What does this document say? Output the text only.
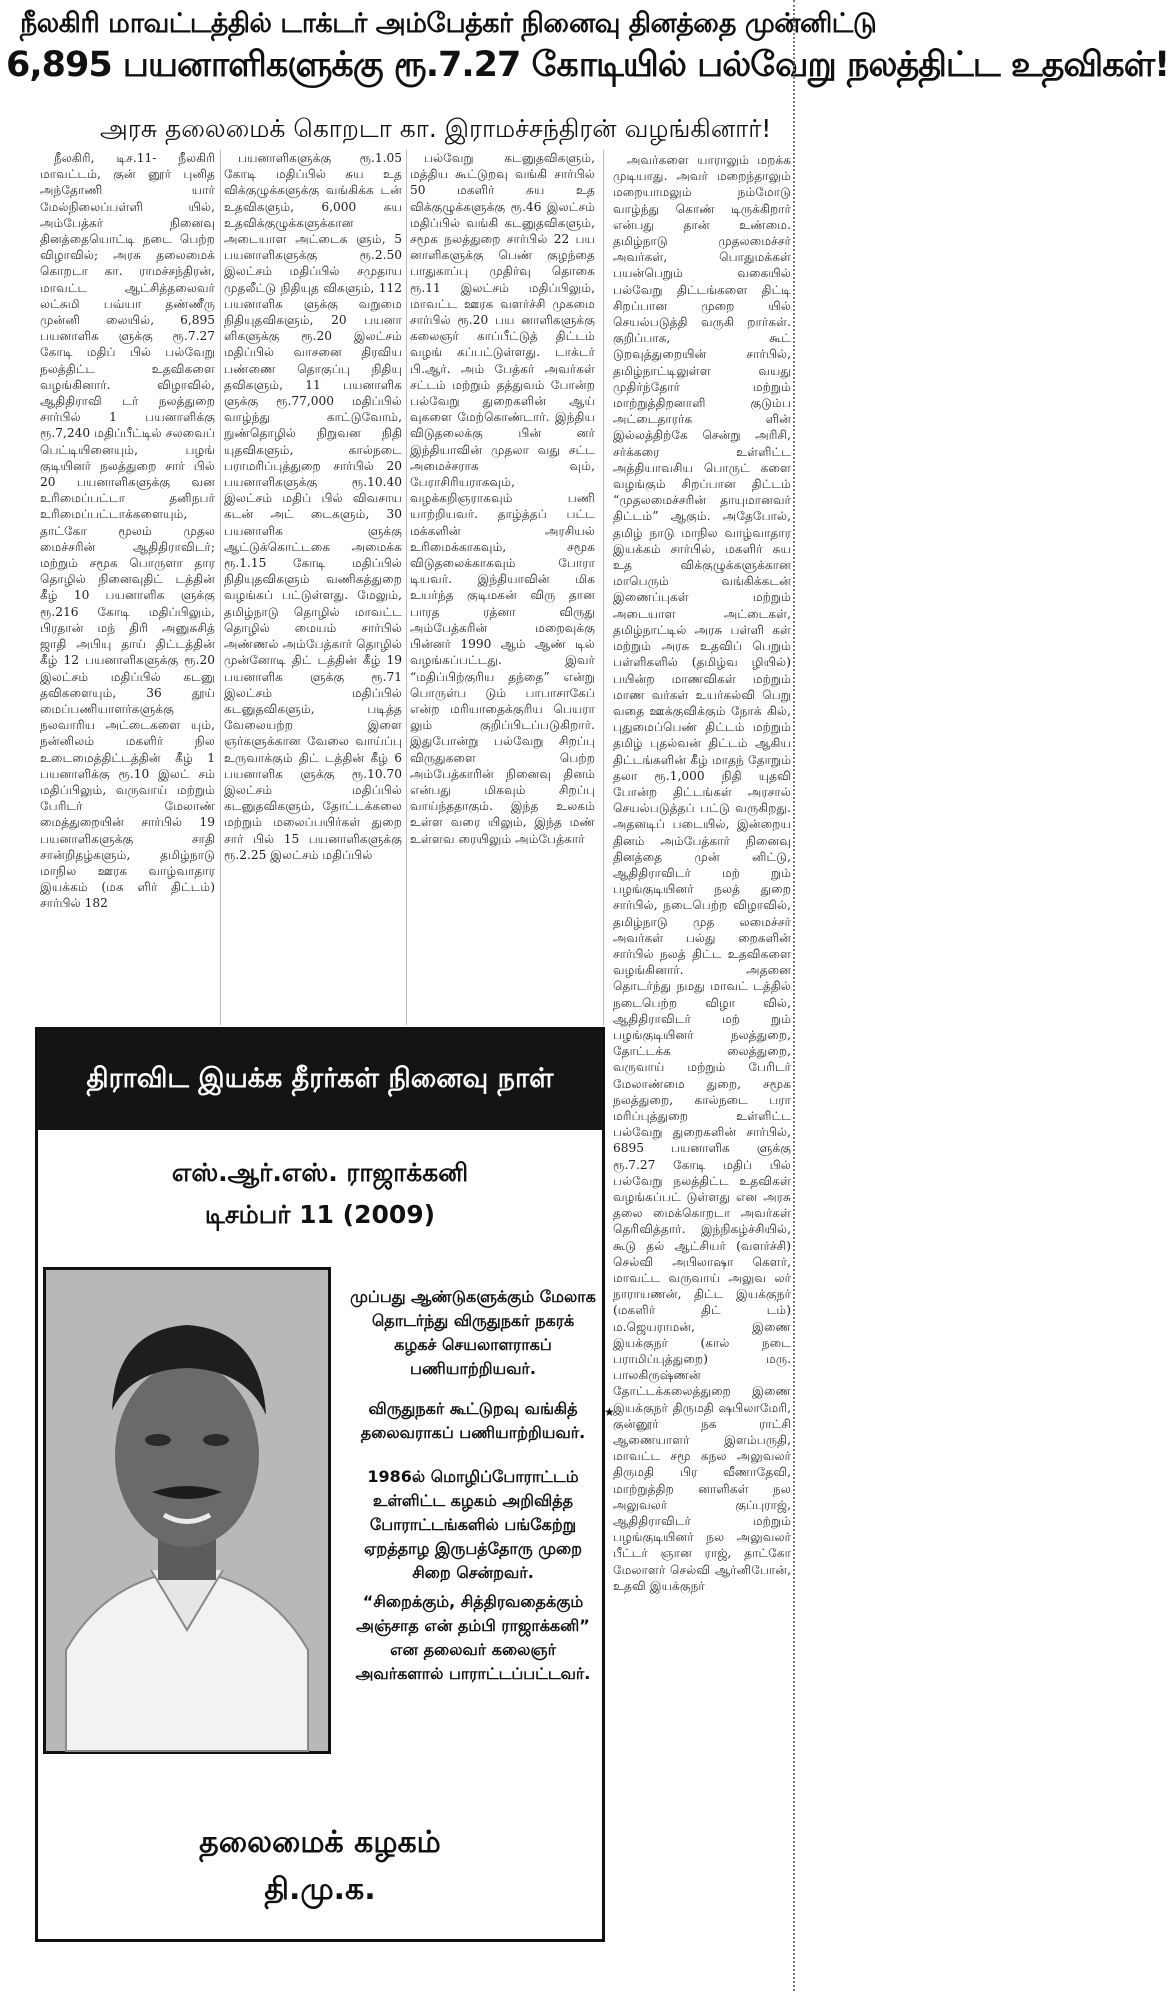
நீலகிரி மாவட்டத்தில் டாக்டர் அம்பேத்கர் நினைவு தினத்தை முன்னிட்டு
6,895 பயனாளிகளுக்கு ரூ.7.27 கோடியில் பல்வேறு நலத்திட்ட உதவிகள்!
அரசு தலைமைக் கொறடா கா. இராமச்சந்திரன் வழங்கினார்!

நீலகிரி, டிச.11- நீலகிரி மாவட்டம், குன் னூர் புனித அந்தோணி யார் மேல்நிலைப்பள்ளி யில், அம்பேத்கர் நினைவு தினத்தையொட்டி நடை பெற்ற விழாவில்; அரசு தலைமைக் கொறடா கா. ராமச்சந்திரன், மாவட்ட ஆட்சித்தலைவர் லட்சுமி பவ்யா தண்ணீரு முன்னி லையில், 6,895 பயனாளிக ளுக்கு ரூ.7.27 கோடி மதிப் பில் பல்வேறு நலத்திட்ட உதவிகளை வழங்கினார். விழாவில், ஆதிதிராவி டர் நலத்துறை சார்பில் 1 பயனாளிக்கு ரூ.7,240 மதிப்பீட்டில் சலவைப் பெட்டியினையும், பழங் குடியினர் நலத்துறை சார் பில் 20 பயனாளிகளுக்கு வன உரிமைப்பட்டா தனிநபர் உரிமைப்பட்டாக்களையும், தாட்கோ மூலம் முதல மைச்சரின் ஆதிதிராவிடர்; மற்றும் சமூக பொருளா தார தொழில் நினைவுதிட் டத்தின் கீழ் 10 பயனாளிக ளுக்கு ரூ.216 கோடி மதிப்பிலும், பிரதான் மந் திரி அனுசுசித் ஜாதி அபியு தாய் திட்டத்தின் கீழ் 12 பயனாளிகளுக்கு ரூ.20 இலட்சம் மதிப்பில் கடனு தவிகளையும், 36 தூய் மைப்பணியாளர்களுக்கு நலவாரிய அட்டைகளை யும், நன்னிலம் மகளிர் நில உடைமைத்திட்டத்தின் கீழ் 1 பயனாளிக்கு ரூ.10 இலட் சம் மதிப்பிலும், வருவாய் மற்றும் பேரிடர் மேலாண் மைத்துறையின் சார்பில் 19 பயனாளிகளுக்கு சாதி சான்றிதழ்களும், தமிழ்நாடு மாநில ஊரக வாழ்வாதார இயக்கம் (மக ளிர் திட்டம்) சார்பில் 182

பயனாளிகளுக்கு ரூ.1.05 கோடி மதிப்பில் சுய உத விக்குழுக்களுக்கு வங்கிக்க டன் உதவிகளும், 6,000 சுய உதவிக்குழுக்களுக்கான அடையாள அட்டைக ளும், 5 பயனாளிகளுக்கு ரூ.2.50 இலட்சம் மதிப்பில் சமுதாய முதலீட்டு நிதியுத விகளும், 112 பயனாளிக ளுக்கு வறுமை நிதியுதவிகளும், 20 பயனா ளிகளுக்கு ரூ.20 இலட்சம் மதிப்பில் வாசனை திரவிய பண்ணை தொகுப்பு நிதியு தவிகளும், 11 பயனாளிக ளுக்கு ரூ.77,000 மதிப்பில் வாழ்ந்து காட்டுவோம், நுண்தொழில் நிறுவன நிதி யுதவிகளும், கால்நடை பராமரிப்புத்துறை சார்பில் 20 பயனாளிகளுக்கு ரூ.10.40 இலட்சம் மதிப் பில் விவசாய கடன் அட் டைகளும், 30 பயனாளிக ளுக்கு ஆட்டுக்கொட்டகை அமைக்க ரூ.1.15 கோடி மதிப்பில் நிதியுதவிகளும் வணிகத்துறை வழங்கப் பட்டுள்ளது. மேலும், தமிழ்நாடு தொழில் மாவட்ட தொழில் மையம் சார்பில் அண்ணல் அம்பேத்கார் தொழில் முன்னோடி திட் டத்தின் கீழ் 19 பயனாளிக ளுக்கு ரூ.71 இலட்சம் மதிப்பில் கடனுதவிகளும், படித்த வேலையற்ற இளை ஞர்களுக்கான வேலை வாய்ப்பு உருவாக்கும் திட் டத்தின் கீழ் 6 பயனாளிக ளுக்கு ரூ.10.70 இலட்சம் மதிப்பில் கடனுதவிகளும், தோட்டக்கலை மற்றும் மலைப்பயிர்கள் துறை சார் பில் 15 பயனாளிகளுக்கு ரூ.2.25 இலட்சம் மதிப்பில்

பல்வேறு கடனுதவிகளும், மத்திய கூட்டுறவு வங்கி சார்பில் 50 மகளிர் சுய உத விக்குழுக்களுக்கு ரூ.46 இலட்சம் மதிப்பில் வங்கி கடனுதவிகளும், சமூக நலத்துறை சார்பில் 22 பய னாளிகளுக்கு பெண் குழந்தை பாதுகாப்பு முதிர்வு தொகை ரூ.11 இலட்சம் மதிப்பிலும், மாவட்ட ஊரக வளர்ச்சி முகமை சார்பில் ரூ.20 பய னாளிகளுக்கு கலைஞர் காப்பீட்டுத் திட்டம் வழங் கப்பட்டுள்ளது. டாக்டர் பி.ஆர். அம் பேத்கர் அவர்கள் சட்டம் மற்றும் தத்துவம் போன்ற பல்வேறு துறைகளின் ஆய் வுகளை மேற்கொண்டார். இந்திய விடுதலைக்கு பின் னர் இந்தியாவின் முதலா வது சட்ட அமைச்சராக வும், பேராசிரியராகவும், வழக்கறிஞராகவும் பணி யாற்றியவர். தாழ்த்தப் பட்ட மக்களின் அரசியல் உரிமைக்காகவும், சமூக விடுதலைக்காகவும் போரா டியவர். இந்தியாவின் மிக உயர்ந்த குடிமகன் விரு தான பாரத ரத்னா விருது அம்பேத்கரின் மறைவுக்கு பின்னர் 1990 ஆம் ஆண் டில் வழங்கப்பட்டது. இவர் “மதிப்பிற்குரிய தந்தை” என்று பொருள்ப டும் பாபாசாகேப் என்ற மரியாதைக்குரிய பெயரா லும் குறிப்பிடப்படுகிறார். இதுபோன்று பல்வேறு சிறப்பு விருதுகளை பெற்ற அம்பேத்காரின் நினைவு தினம் என்பது மிகவும் சிறப்பு வாய்ந்ததாகும். இந்த உலகம் உள்ள வரை யிலும், இந்த மண் உள்ளவ ரையிலும் அம்பேத்கார்

அவர்களை யாராலும் மறக்க முடியாது. அவர் மறைந்தாலும் மறையாமலும் நம்மோடு வாழ்ந்து கொண் டிருக்கிறார் என்பது தான் உண்மை. தமிழ்நாடு முதலமைச்சர் அவர்கள், பொதுமக்கள் பயன்பெறும் வகையில் பல்வேறு திட்டங்களை திட்டி சிறப்பான முறை யில் செயல்படுத்தி வருகி றார்கள். குறிப்பாக, கூட் டுறவுத்துறையின் சார்பில், தமிழ்நாட்டிலுள்ள வயது முதிர்ந்தோர் மற்றும் மாற்றுத்திறனாளி குடும்ப அட்டைதாரர்க ளின் இல்லத்திற்கே சென்று அரிசி, சர்க்கரை உள்ளிட்ட அத்தியாவசிய பொருட் களை வழங்கும் சிறப்பான திட்டம் “முதலமைச்சரின் தாயுமானவர் திட்டம்” ஆகும். அதேபோல், தமிழ் நாடு மாநில வாழ்வாதார இயக்கம் சார்பில், மகளிர் சுய உத விக்குழுக்களுக்கான மாபெரும் வங்கிக்கடன் இணைப்புகள் மற்றும் அடையாள அட்டைகள், தமிழ்நாட்டில் அரசு பள்ளி கள் மற்றும் அரசு உதவிப் பெறும் பள்ளிகளில் (தமிழ்வ ழியில்) பயின்ற மாணவிகள் மற்றும் மாண வர்கள் உயர்கல்வி பெறு வதை ஊக்குவிக்கும் நோக் கில், புதுமைப்பெண் திட்டம் மற்றும் தமிழ் புதல்வன் திட்டம் ஆகிய திட்டங்களின் கீழ் மாதந் தோறும் தலா ரூ.1,000 நிதி யுதவி போன்ற திட்டங்கள் அரசால் செயல்படுத்தப் பட்டு வருகிறது. அதனடிப் படையில், இன்றைய தினம் அம்பேத்கார் நினைவு தினத்தை முன் னிட்டு, ஆதிதிராவிடர் மற் றும் பழங்குடியினர் நலத் துறை சார்பில், நடைபெற்ற விழாவில், தமிழ்நாடு முத லமைச்சர் அவர்கள் பல்து றைகளின் சார்பில் நலத் திட்ட உதவிகளை வழங்கினார். அதனை தொடர்ந்து நமது மாவட் டத்தில் நடைபெற்ற விழா வில், ஆதிதிராவிடர் மற் றும் பழங்குடியினர் நலத்துறை, தோட்டக்க லைத்துறை, வருவாய் மற்றும் பேரிடர் மேலாண்மை துறை, சமூக நலத்துறை, கால்நடை பரா மரிப்புத்துறை உள்ளிட்ட பல்வேறு துறைகளின் சார்பில், 6895 பயனாளிக ளுக்கு ரூ.7.27 கோடி மதிப் பில் பல்வேறு நலத்திட்ட உதவிகள் வழங்கப்பட் டுள்ளது என அரசு தலை மைக்கொறடா அவர்கள் தெரிவித்தார். இந்நிகழ்ச்சியில், கூடு தல் ஆட்சியர் (வளர்ச்சி) செல்வி அபிலாஷா கௌர், மாவட்ட வருவாய் அலுவ லர் நாராயணன், திட்ட இயக்குநர் (மகளிர் திட் டம்) ம.ஜெயராமன், இணை இயக்குநர் (கால் நடை பராமிப்புத்துறை) மரு. பாலகிருஷ்ணன் தோட்டக்கலைத்துறை இணை இயக்குநர் திருமதி ஷபிலாமேரி, குன்னூர் நக ராட்சி ஆணையாளர் இளம்பருதி, மாவட்ட சமூ கநல அலுவலர் திருமதி பிர வீணாதேவி, மாற்றுத்திற னாளிகள் நல அலுவலர் குப்புராஜ், ஆதிதிராவிடர் மற்றும் பழங்குடியினர் நல அலுவலர் பீட்டர் ஞான ராஜ், தாட்கோ மேலாளர் செல்வி ஆர்னிபோன், உதவி இயக்குநர்

திராவிட இயக்க தீரர்கள் நினைவு நாள்
எஸ்.ஆர்.எஸ். ராஜாக்கனி
டிசம்பர் 11 (2009)
முப்பது ஆண்டுகளுக்கும் மேலாக தொடர்ந்து விருதுநகர் நகரக் கழகச் செயலாளராகப் பணியாற்றியவர்.
விருதுநகர் கூட்டுறவு வங்கித் தலைவராகப் பணியாற்றியவர்.
1986ல் மொழிப்போராட்டம் உள்ளிட்ட கழகம் அறிவித்த போராட்டங்களில் பங்கேற்று ஏறத்தாழ இருபத்தோரு முறை சிறை சென்றவர்.
“சிறைக்கும், சித்திரவதைக்கும் அஞ்சாத என் தம்பி ராஜாக்கனி” என தலைவர் கலைஞர் அவர்களால் பாராட்டப்பட்டவர்.
தலைமைக் கழகம்
தி.மு.க.
★
